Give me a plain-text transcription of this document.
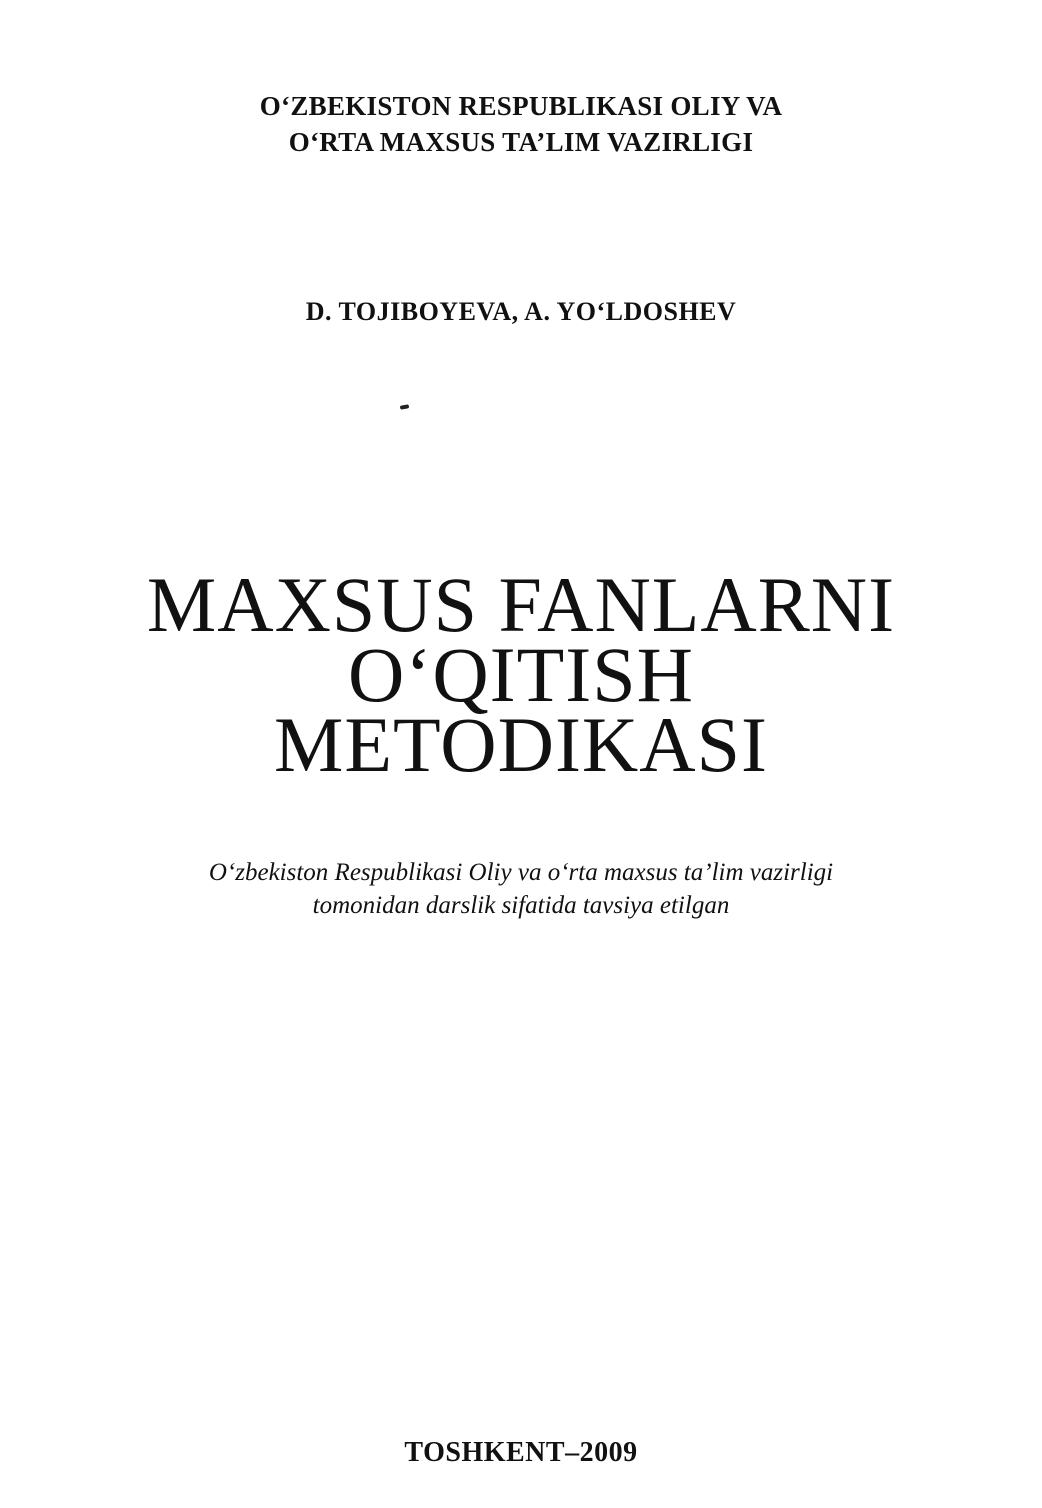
O‘ZBEKISTON RESPUBLIKASI OLIY VA
O‘RTA MAXSUS TA’LIM VAZIRLIGI
D. TOJIBOYEVA, A. YO‘LDOSHEV
MAXSUS FANLARNI
O‘QITISH
METODIKASI
O‘zbekiston Respublikasi Oliy va o‘rta maxsus ta’lim vazirligi
tomonidan darslik sifatida tavsiya etilgan
TOSHKENT–2009
